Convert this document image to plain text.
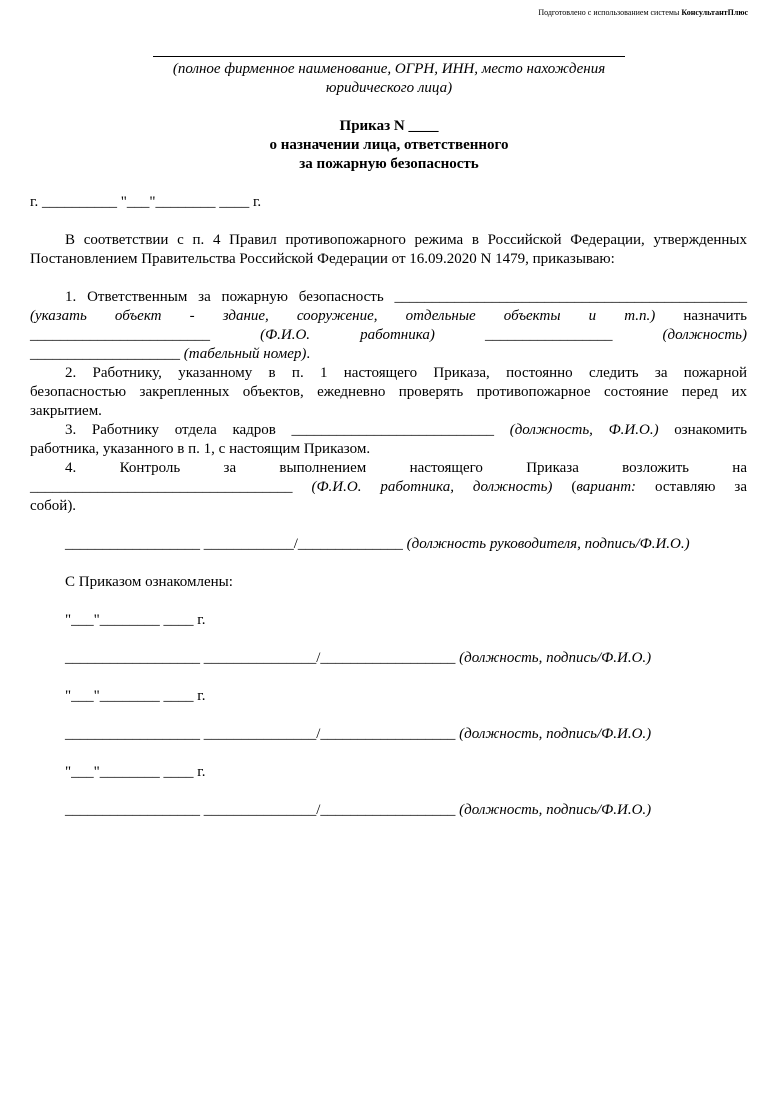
Подготовлено с использованием системы КонсультантПлюс
(полное фирменное наименование, ОГРН, ИНН, место нахождения
юридического лица)
Приказ N ____
о назначении лица, ответственного
за пожарную безопасность
г. __________ "___"________ ____ г.
В соответствии с п. 4 Правил противопожарного режима в Российской Федерации, утвержденных
Постановлением Правительства Российской Федерации от 16.09.2020 N 1479, приказываю:
1. Ответственным за пожарную безопасность _______________________________________________
(указать объект - здание, сооружение, отдельные объекты и т.п.) назначить
________________________	(Ф.И.О. работника)	_________________	(должность)
____________________ (табельный номер).
2. Работнику, указанному в п. 1 настоящего Приказа, постоянно следить за пожарной
безопасностью закрепленных объектов, ежедневно проверять противопожарное состояние перед их
закрытием.
3. Работнику отдела кадров ___________________________ (должность, Ф.И.О.) ознакомить
работника, указанного в п. 1, с настоящим Приказом.
4. Контроль за выполнением настоящего Приказа возложить на
___________________________________ (Ф.И.О. работника, должность) (вариант: оставляю за
собой).
__________________ ____________/______________ (должность руководителя, подпись/Ф.И.О.)
С Приказом ознакомлены:
"___"________ ____ г.
__________________ _______________/__________________ (должность, подпись/Ф.И.О.)
"___"________ ____ г.
__________________ _______________/__________________ (должность, подпись/Ф.И.О.)
"___"________ ____ г.
__________________ _______________/__________________ (должность, подпись/Ф.И.О.)
